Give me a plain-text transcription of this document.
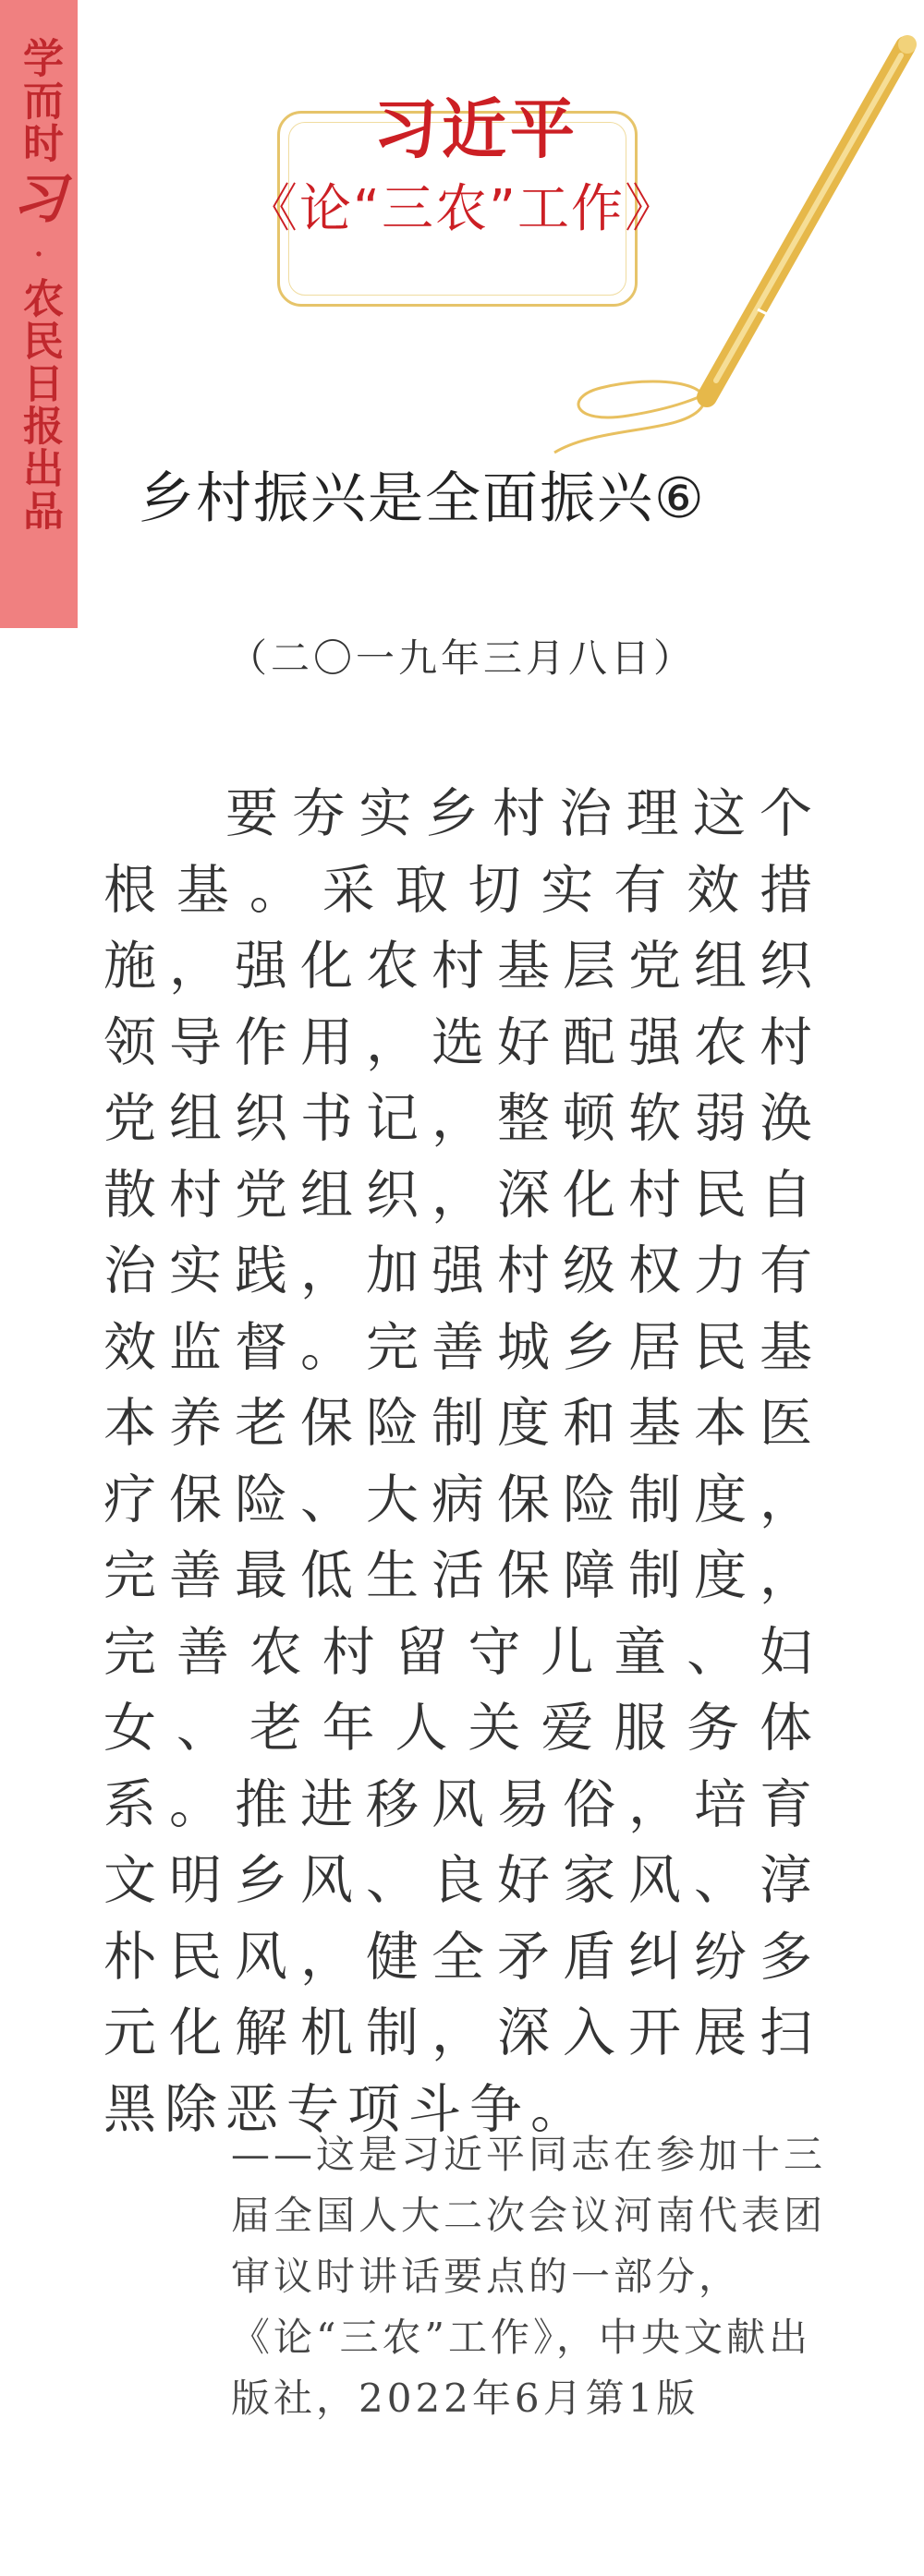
学而时
习
·
农民日报出品
习近平
《论“三农”工作》
乡村振兴是全面振兴⑥
（二〇一九年三月八日）

要夯实乡村治理这个根基。采取切实有效措施，强化农村基层党组织领导作用，选好配强农村党组织书记，整顿软弱涣散村党组织，深化村民自治实践，加强村级权力有效监督。完善城乡居民基本养老保险制度和基本医疗保险、大病保险制度，完善最低生活保障制度，完善农村留守儿童、妇女、老年人关爱服务体系。推进移风易俗，培育文明乡风、良好家风、淳朴民风，健全矛盾纠纷多元化解机制，深入开展扫黑除恶专项斗争。

——这是习近平同志在参加十三届全国人大二次会议河南代表团审议时讲话要点的一部分，《论“三农”工作》，中央文献出版社，2022年6月第1版
